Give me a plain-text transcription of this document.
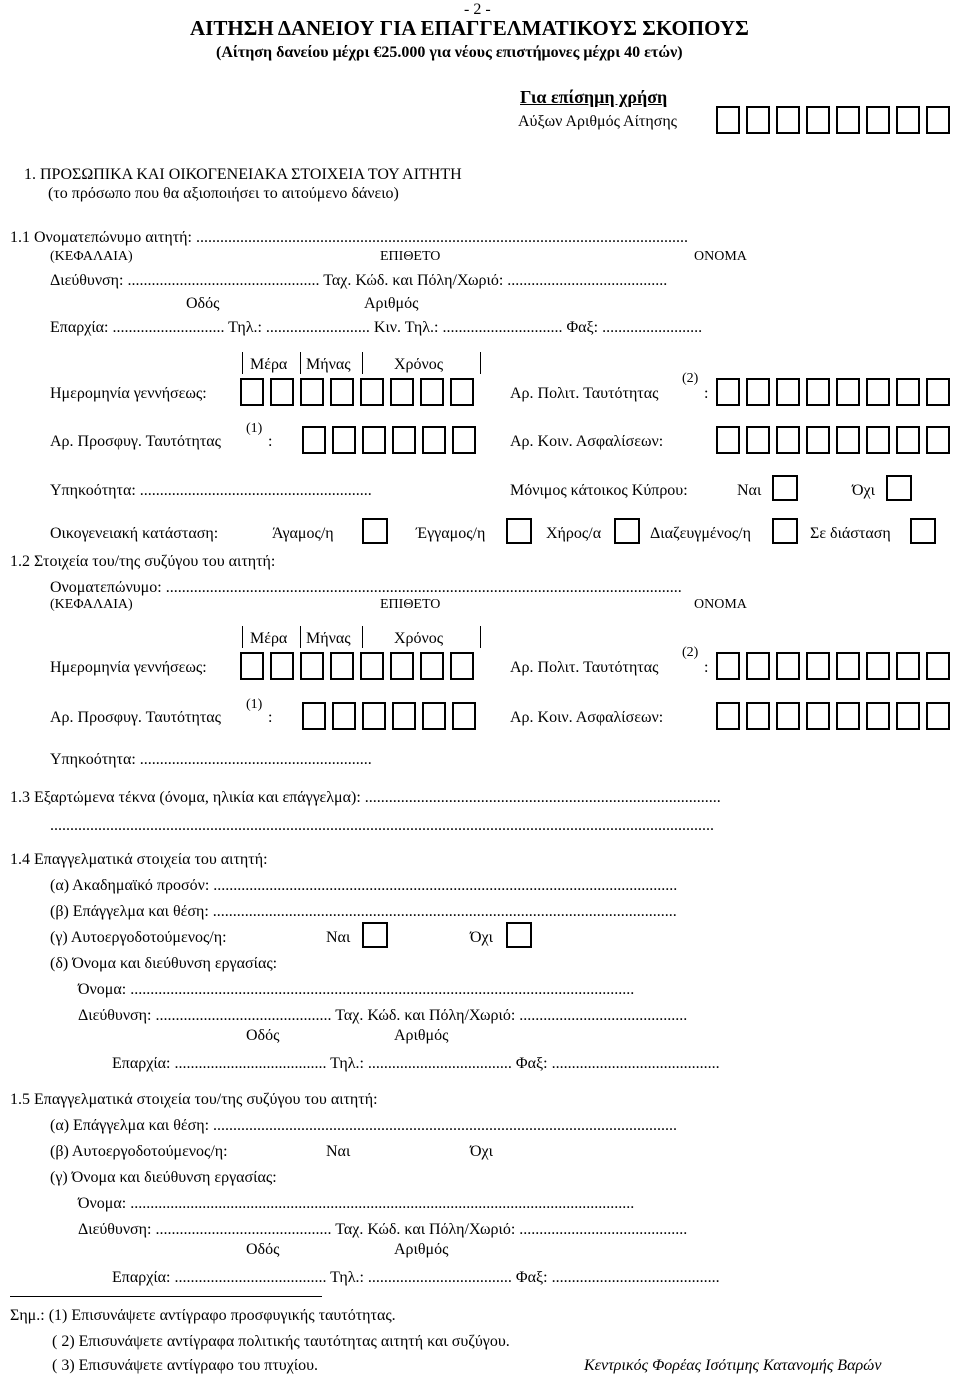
- 2 -
ΑΙΤΗΣΗ ΔΑΝΕΙΟΥ ΓΙΑ ΕΠΑΓΓΕΛΜΑΤΙΚΟΥΣ ΣΚΟΠΟΥΣ
(Αίτηση δανείου μέχρι €25.000 για νέους επιστήμονες μέχρι 40 ετών)
Για επίσημη χρήση
Αύξων Αριθμός Αίτησης
1. ΠΡΟΣΩΠΙΚΑ ΚΑΙ ΟΙΚΟΓΕΝΕΙΑΚΑ ΣΤΟΙΧΕΙΑ ΤΟΥ ΑΙΤΗΤΗ
(το πρόσωπο που θα αξιοποιήσει το αιτούμενο δάνειο)
1.1 Ονοματεπώνυμο αιτητή: ...........................................................................................................................
(ΚΕΦΑΛΑΙΑ)	ΕΠΙΘΕΤΟ	ΟΝΟΜΑ
Διεύθυνση: ................................................ Ταχ. Κώδ. και Πόλη/Χωριό: ........................................
Οδός	Αριθμός
Επαρχία: ............................ Τηλ.: .......................... Κιν. Τηλ.: .............................. Φαξ: .........................
Μέρα Μήνας	Χρόνος
Ημερομηνία γεννήσεως:	Αρ. Πολιτ. Ταυτότητας
(2)
:
Αρ. Προσφυγ. Ταυτότητας
(1)
:	Αρ. Κοιν. Ασφαλίσεων:
Υπηκοότητα: ..........................................................	Μόνιμος κάτοικος Κύπρου:	Ναι	Όχι
Οικογενειακή κατάσταση:	Άγαμος/η	Έγγαμος/η	Χήρος/α	Διαζευγμένος/η	Σε διάσταση
1.2 Στοιχεία του/της συζύγου του αιτητή:
Ονοματεπώνυμο: .................................................................................................................................
(ΚΕΦΑΛΑΙΑ)	ΕΠΙΘΕΤΟ	ΟΝΟΜΑ
Μέρα Μήνας	Χρόνος
Ημερομηνία γεννήσεως:	Αρ. Πολιτ. Ταυτότητας
(2)
:
Αρ. Προσφυγ. Ταυτότητας
(1)
:	Αρ. Κοιν. Ασφαλίσεων:
Υπηκοότητα: ..........................................................
1.3 Εξαρτώμενα τέκνα (όνομα, ηλικία και επάγγελμα): .........................................................................................
......................................................................................................................................................................
1.4 Επαγγελματικά στοιχεία του αιτητή:
(α) Ακαδημαϊκό προσόν: ....................................................................................................................
(β) Επάγγελμα και θέση: ....................................................................................................................
(γ) Αυτοεργοδοτούμενος/η:	Ναι	Όχι
(δ) Όνομα και διεύθυνση εργασίας:
Όνομα: ..............................................................................................................................
Διεύθυνση: ............................................ Ταχ. Κώδ. και Πόλη/Χωριό: ..........................................
Οδός	Αριθμός
Επαρχία: ...................................... Τηλ.: .................................... Φαξ: ..........................................
1.5 Επαγγελματικά στοιχεία του/της συζύγου του αιτητή:
(α) Επάγγελμα και θέση: ....................................................................................................................
(β) Αυτοεργοδοτούμενος/η:	Ναι	Όχι
(γ) Όνομα και διεύθυνση εργασίας:
Όνομα: ..............................................................................................................................
Διεύθυνση: ............................................ Ταχ. Κώδ. και Πόλη/Χωριό: ..........................................
Οδός	Αριθμός
Επαρχία: ...................................... Τηλ.: .................................... Φαξ: ..........................................
Σημ.: (1) Επισυνάψετε αντίγραφο προσφυγικής ταυτότητας.
( 2) Επισυνάψετε αντίγραφα πολιτικής ταυτότητας αιτητή και συζύγου.
( 3) Επισυνάψετε αντίγραφο του πτυχίου.	Κεντρικός Φορέας Ισότιμης Κατανομής Βαρών
